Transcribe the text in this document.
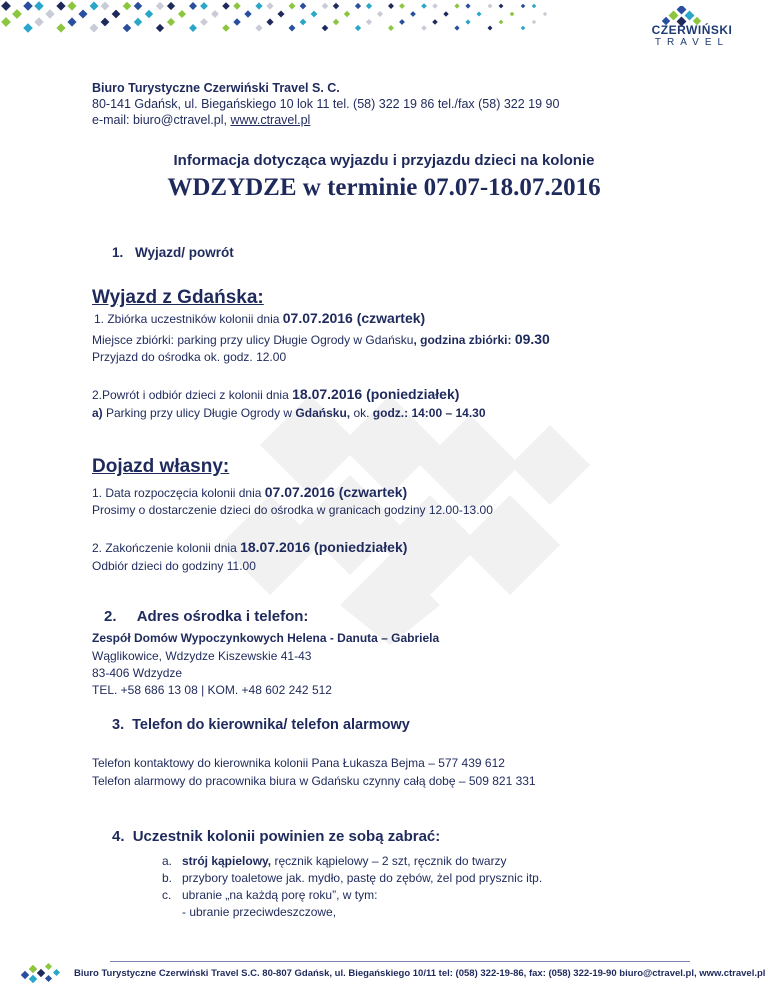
CZERWIŃSKI
TRAVEL
Biuro Turystyczne Czerwiński Travel S. C.
80-141 Gdańsk, ul. Biegańskiego 10 lok 11 tel. (58) 322 19 86 tel./fax (58) 322 19 90
e-mail: biuro@ctravel.pl, www.ctravel.pl
Informacja dotycząca wyjazdu i przyjazdu dzieci na kolonie
WDZYDZE w terminie 07.07-18.07.2016
1. Wyjazd/ powrót
Wyjazd z Gdańska:
1. Zbiórka uczestników kolonii dnia 07.07.2016 (czwartek)
Miejsce zbiórki: parking przy ulicy Długie Ogrody w Gdańsku, godzina zbiórki: 09.30
Przyjazd do ośrodka ok. godz. 12.00
2.Powrót i odbiór dzieci z kolonii dnia 18.07.2016 (poniedziałek)
a) Parking przy ulicy Długie Ogrody w Gdańsku, ok. godz.: 14:00 – 14.30
Dojazd własny:
1. Data rozpoczęcia kolonii dnia 07.07.2016 (czwartek)
Prosimy o dostarczenie dzieci do ośrodka w granicach godziny 12.00-13.00
2. Zakończenie kolonii dnia 18.07.2016 (poniedziałek)
Odbiór dzieci do godziny 11.00
2. Adres ośrodka i telefon:
Zespół Domów Wypoczynkowych Helena - Danuta – Gabriela
Wąglikowice, Wdzydze Kiszewskie 41-43
83-406 Wdzydze
TEL. +58 686 13 08 | KOM. +48 602 242 512
3. Telefon do kierownika/ telefon alarmowy
Telefon kontaktowy do kierownika kolonii Pana Łukasza Bejma – 577 439 612
Telefon alarmowy do pracownika biura w Gdańsku czynny całą dobę – 509 821 331
4. Uczestnik kolonii powinien ze sobą zabrać:
a. strój kąpielowy, ręcznik kąpielowy – 2 szt, ręcznik do twarzy
b. przybory toaletowe jak. mydło, pastę do zębów, żel pod prysznic itp.
c. ubranie „na każdą porę roku”, w tym:
- ubranie przeciwdeszczowe,
Biuro Turystyczne Czerwiński Travel S.C. 80-807 Gdańsk, ul. Biegańskiego 10/11 tel: (058) 322-19-86, fax: (058) 322-19-90 biuro@ctravel.pl, www.ctravel.pl
